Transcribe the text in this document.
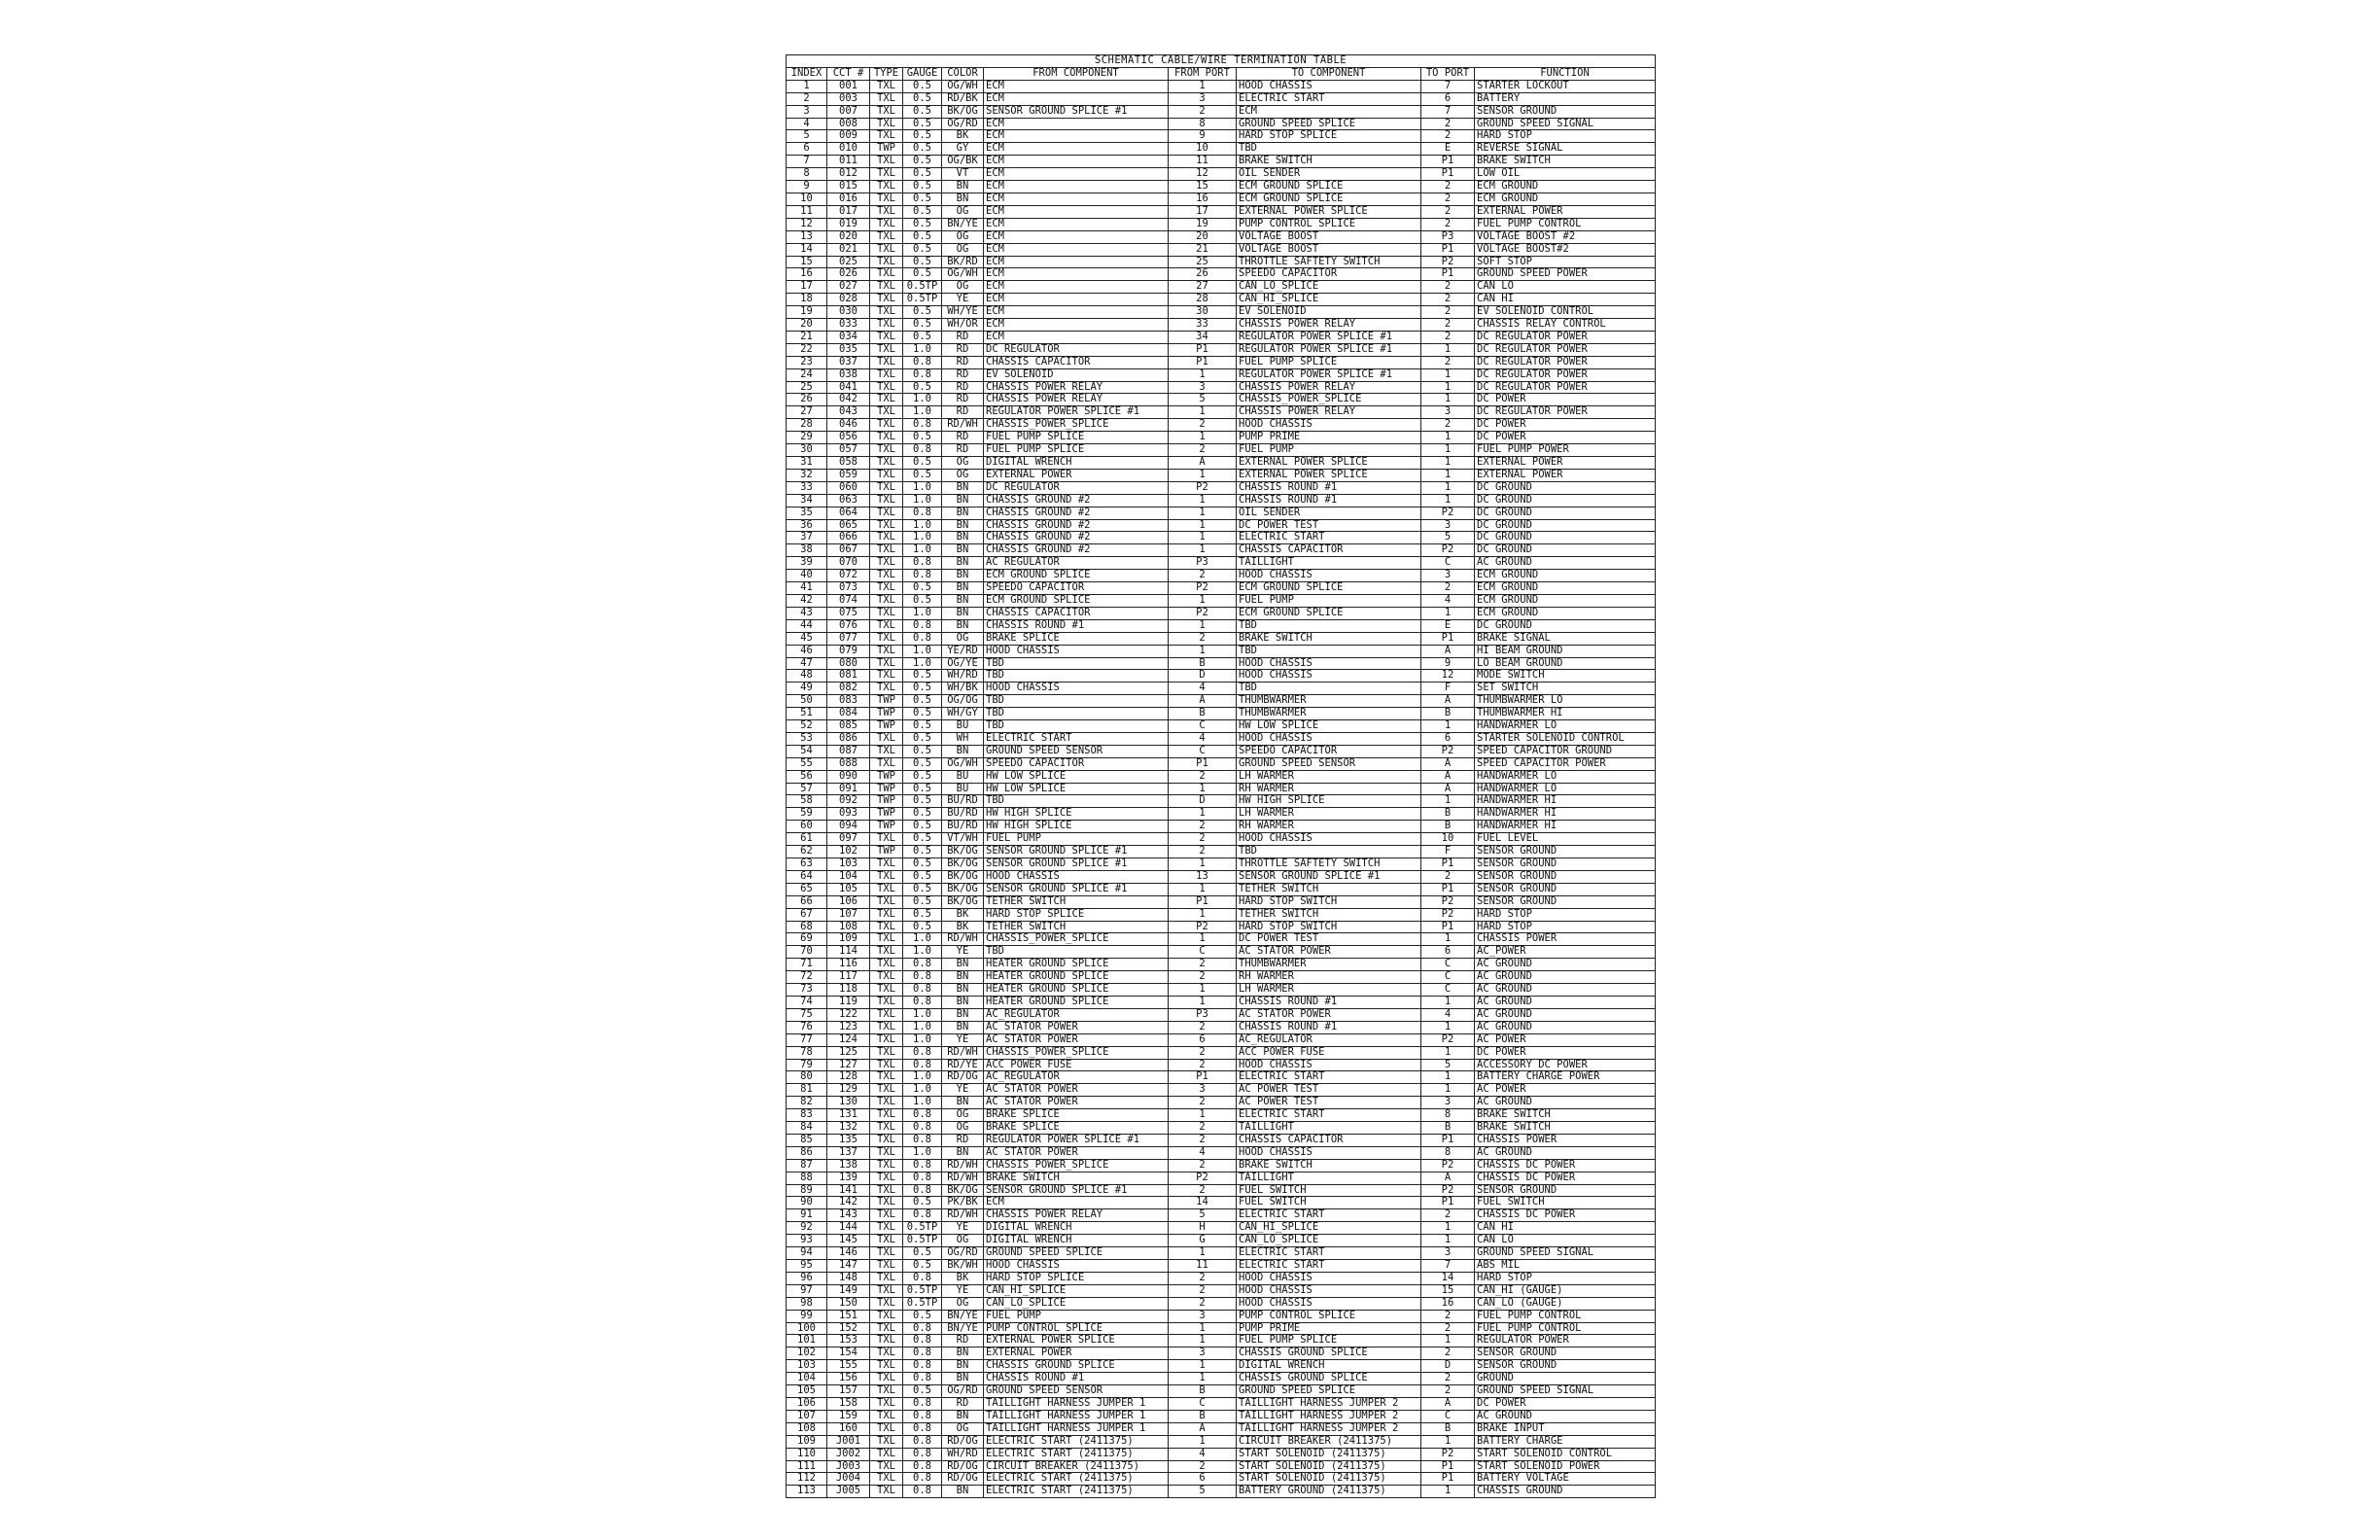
SCHEMATIC CABLE/WIRE TERMINATION TABLE									
INDEX	CCT #	TYPE	GAUGE	COLOR	FROM COMPONENT	FROM PORT	TO COMPONENT	TO PORT	FUNCTION
1	001	TXL	0.5	OG/WH	ECM	1	HOOD CHASSIS	7	STARTER LOCKOUT
2	003	TXL	0.5	RD/BK	ECM	3	ELECTRIC START	6	BATTERY
3	007	TXL	0.5	BK/OG	SENSOR GROUND SPLICE #1	2	ECM	7	SENSOR GROUND
4	008	TXL	0.5	OG/RD	ECM	8	GROUND SPEED SPLICE	2	GROUND SPEED SIGNAL
5	009	TXL	0.5	BK	ECM	9	HARD STOP SPLICE	2	HARD STOP
6	010	TWP	0.5	GY	ECM	10	TBD	E	REVERSE SIGNAL
7	011	TXL	0.5	OG/BK	ECM	11	BRAKE SWITCH	P1	BRAKE SWITCH
8	012	TXL	0.5	VT	ECM	12	OIL SENDER	P1	LOW OIL
9	015	TXL	0.5	BN	ECM	15	ECM GROUND SPLICE	2	ECM GROUND
10	016	TXL	0.5	BN	ECM	16	ECM GROUND SPLICE	2	ECM GROUND
11	017	TXL	0.5	OG	ECM	17	EXTERNAL POWER SPLICE	2	EXTERNAL POWER
12	019	TXL	0.5	BN/YE	ECM	19	PUMP CONTROL SPLICE	2	FUEL PUMP CONTROL
13	020	TXL	0.5	OG	ECM	20	VOLTAGE BOOST	P3	VOLTAGE BOOST #2
14	021	TXL	0.5	OG	ECM	21	VOLTAGE BOOST	P1	VOLTAGE BOOST#2
15	025	TXL	0.5	BK/RD	ECM	25	THROTTLE SAFTETY SWITCH	P2	SOFT STOP
16	026	TXL	0.5	OG/WH	ECM	26	SPEEDO CAPACITOR	P1	GROUND SPEED POWER
17	027	TXL	0.5TP	OG	ECM	27	CAN_LO_SPLICE	2	CAN LO
18	028	TXL	0.5TP	YE	ECM	28	CAN_HI_SPLICE	2	CAN HI
19	030	TXL	0.5	WH/YE	ECM	30	EV SOLENOID	2	EV SOLENOID CONTROL
20	033	TXL	0.5	WH/OR	ECM	33	CHASSIS POWER RELAY	2	CHASSIS RELAY CONTROL
21	034	TXL	0.5	RD	ECM	34	REGULATOR POWER SPLICE #1	2	DC REGULATOR POWER
22	035	TXL	1.0	RD	DC REGULATOR	P1	REGULATOR POWER SPLICE #1	1	DC REGULATOR POWER
23	037	TXL	0.8	RD	CHASSIS CAPACITOR	P1	FUEL PUMP SPLICE	2	DC REGULATOR POWER
24	038	TXL	0.8	RD	EV SOLENOID	1	REGULATOR POWER SPLICE #1	1	DC REGULATOR POWER
25	041	TXL	0.5	RD	CHASSIS POWER RELAY	3	CHASSIS POWER RELAY	1	DC REGULATOR POWER
26	042	TXL	1.0	RD	CHASSIS POWER RELAY	5	CHASSIS_POWER_SPLICE	1	DC POWER
27	043	TXL	1.0	RD	REGULATOR POWER SPLICE #1	1	CHASSIS POWER RELAY	3	DC REGULATOR POWER
28	046	TXL	0.8	RD/WH	CHASSIS_POWER_SPLICE	2	HOOD CHASSIS	2	DC POWER
29	056	TXL	0.5	RD	FUEL PUMP SPLICE	1	PUMP PRIME	1	DC POWER
30	057	TXL	0.8	RD	FUEL PUMP SPLICE	2	FUEL PUMP	1	FUEL PUMP POWER
31	058	TXL	0.5	OG	DIGITAL WRENCH	A	EXTERNAL POWER SPLICE	1	EXTERNAL POWER
32	059	TXL	0.5	OG	EXTERNAL POWER	1	EXTERNAL POWER SPLICE	1	EXTERNAL POWER
33	060	TXL	1.0	BN	DC REGULATOR	P2	CHASSIS ROUND #1	1	DC GROUND
34	063	TXL	1.0	BN	CHASSIS GROUND #2	1	CHASSIS ROUND #1	1	DC GROUND
35	064	TXL	0.8	BN	CHASSIS GROUND #2	1	OIL SENDER	P2	DC GROUND
36	065	TXL	1.0	BN	CHASSIS GROUND #2	1	DC POWER TEST	3	DC GROUND
37	066	TXL	1.0	BN	CHASSIS GROUND #2	1	ELECTRIC START	5	DC GROUND
38	067	TXL	1.0	BN	CHASSIS GROUND #2	1	CHASSIS CAPACITOR	P2	DC GROUND
39	070	TXL	0.8	BN	AC REGULATOR	P3	TAILLIGHT	C	AC GROUND
40	072	TXL	0.8	BN	ECM GROUND SPLICE	2	HOOD CHASSIS	3	ECM GROUND
41	073	TXL	0.5	BN	SPEEDO CAPACITOR	P2	ECM GROUND SPLICE	2	ECM GROUND
42	074	TXL	0.5	BN	ECM GROUND SPLICE	1	FUEL PUMP	4	ECM GROUND
43	075	TXL	1.0	BN	CHASSIS CAPACITOR	P2	ECM GROUND SPLICE	1	ECM GROUND
44	076	TXL	0.8	BN	CHASSIS ROUND #1	1	TBD	E	DC GROUND
45	077	TXL	0.8	OG	BRAKE SPLICE	2	BRAKE SWITCH	P1	BRAKE SIGNAL
46	079	TXL	1.0	YE/RD	HOOD CHASSIS	1	TBD	A	HI BEAM GROUND
47	080	TXL	1.0	OG/YE	TBD	B	HOOD CHASSIS	9	LO BEAM GROUND
48	081	TXL	0.5	WH/RD	TBD	D	HOOD CHASSIS	12	MODE SWITCH
49	082	TXL	0.5	WH/BK	HOOD CHASSIS	4	TBD	F	SET SWITCH
50	083	TWP	0.5	OG/OG	TBD	A	THUMBWARMER	A	THUMBWARMER LO
51	084	TWP	0.5	WH/GY	TBD	B	THUMBWARMER	B	THUMBWARMER HI
52	085	TWP	0.5	BU	TBD	C	HW LOW SPLICE	1	HANDWARMER LO
53	086	TXL	0.5	WH	ELECTRIC START	4	HOOD CHASSIS	6	STARTER SOLENOID CONTROL
54	087	TXL	0.5	BN	GROUND SPEED SENSOR	C	SPEEDO CAPACITOR	P2	SPEED CAPACITOR GROUND
55	088	TXL	0.5	OG/WH	SPEEDO CAPACITOR	P1	GROUND SPEED SENSOR	A	SPEED CAPACITOR POWER
56	090	TWP	0.5	BU	HW LOW SPLICE	2	LH WARMER	A	HANDWARMER LO
57	091	TWP	0.5	BU	HW LOW SPLICE	1	RH WARMER	A	HANDWARMER LO
58	092	TWP	0.5	BU/RD	TBD	D	HW HIGH SPLICE	1	HANDWARMER HI
59	093	TWP	0.5	BU/RD	HW HIGH SPLICE	1	LH WARMER	B	HANDWARMER HI
60	094	TWP	0.5	BU/RD	HW HIGH SPLICE	2	RH WARMER	B	HANDWARMER HI
61	097	TXL	0.5	VT/WH	FUEL PUMP	2	HOOD CHASSIS	10	FUEL LEVEL
62	102	TWP	0.5	BK/OG	SENSOR GROUND SPLICE #1	2	TBD	F	SENSOR GROUND
63	103	TXL	0.5	BK/OG	SENSOR GROUND SPLICE #1	1	THROTTLE SAFTETY SWITCH	P1	SENSOR GROUND
64	104	TXL	0.5	BK/OG	HOOD CHASSIS	13	SENSOR GROUND SPLICE #1	2	SENSOR GROUND
65	105	TXL	0.5	BK/OG	SENSOR GROUND SPLICE #1	1	TETHER SWITCH	P1	SENSOR GROUND
66	106	TXL	0.5	BK/OG	TETHER SWITCH	P1	HARD STOP SWITCH	P2	SENSOR GROUND
67	107	TXL	0.5	BK	HARD STOP SPLICE	1	TETHER SWITCH	P2	HARD STOP
68	108	TXL	0.5	BK	TETHER SWITCH	P2	HARD STOP SWITCH	P1	HARD STOP
69	109	TXL	1.0	RD/WH	CHASSIS_POWER_SPLICE	1	DC POWER TEST	1	CHASSIS POWER
70	114	TXL	1.0	YE	TBD	C	AC STATOR POWER	6	AC_POWER
71	116	TXL	0.8	BN	HEATER GROUND SPLICE	2	THUMBWARMER	C	AC GROUND
72	117	TXL	0.8	BN	HEATER GROUND SPLICE	2	RH WARMER	C	AC GROUND
73	118	TXL	0.8	BN	HEATER GROUND SPLICE	1	LH WARMER	C	AC GROUND
74	119	TXL	0.8	BN	HEATER GROUND SPLICE	1	CHASSIS ROUND #1	1	AC GROUND
75	122	TXL	1.0	BN	AC_REGULATOR	P3	AC STATOR POWER	4	AC GROUND
76	123	TXL	1.0	BN	AC STATOR POWER	2	CHASSIS ROUND #1	1	AC GROUND
77	124	TXL	1.0	YE	AC STATOR POWER	6	AC_REGULATOR	P2	AC POWER
78	125	TXL	0.8	RD/WH	CHASSIS_POWER_SPLICE	2	ACC POWER FUSE	1	DC POWER
79	127	TXL	0.8	RD/YE	ACC POWER FUSE	2	HOOD CHASSIS	5	ACCESSORY DC POWER
80	128	TXL	1.0	RD/OG	AC_REGULATOR	P1	ELECTRIC START	1	BATTERY CHARGE POWER
81	129	TXL	1.0	YE	AC STATOR POWER	3	AC POWER TEST	1	AC POWER
82	130	TXL	1.0	BN	AC STATOR POWER	2	AC POWER TEST	3	AC GROUND
83	131	TXL	0.8	OG	BRAKE SPLICE	1	ELECTRIC START	8	BRAKE SWITCH
84	132	TXL	0.8	OG	BRAKE SPLICE	2	TAILLIGHT	B	BRAKE SWITCH
85	135	TXL	0.8	RD	REGULATOR POWER SPLICE #1	2	CHASSIS CAPACITOR	P1	CHASSIS POWER
86	137	TXL	1.0	BN	AC STATOR POWER	4	HOOD CHASSIS	8	AC GROUND
87	138	TXL	0.8	RD/WH	CHASSIS_POWER_SPLICE	2	BRAKE SWITCH	P2	CHASSIS DC POWER
88	139	TXL	0.8	RD/WH	BRAKE SWITCH	P2	TAILLIGHT	A	CHASSIS DC POWER
89	141	TXL	0.8	BK/OG	SENSOR GROUND SPLICE #1	2	FUEL SWITCH	P2	SENSOR GROUND
90	142	TXL	0.5	PK/BK	ECM	14	FUEL SWITCH	P1	FUEL SWITCH
91	143	TXL	0.8	RD/WH	CHASSIS POWER RELAY	5	ELECTRIC START	2	CHASSIS DC POWER
92	144	TXL	0.5TP	YE	DIGITAL WRENCH	H	CAN_HI_SPLICE	1	CAN HI
93	145	TXL	0.5TP	OG	DIGITAL WRENCH	G	CAN_LO_SPLICE	1	CAN LO
94	146	TXL	0.5	OG/RD	GROUND SPEED SPLICE	1	ELECTRIC START	3	GROUND SPEED SIGNAL
95	147	TXL	0.5	BK/WH	HOOD CHASSIS	11	ELECTRIC START	7	ABS MIL
96	148	TXL	0.8	BK	HARD STOP SPLICE	2	HOOD CHASSIS	14	HARD STOP
97	149	TXL	0.5TP	YE	CAN_HI_SPLICE	2	HOOD CHASSIS	15	CAN_HI (GAUGE)
98	150	TXL	0.5TP	OG	CAN_LO_SPLICE	2	HOOD CHASSIS	16	CAN_LO (GAUGE)
99	151	TXL	0.5	BN/YE	FUEL PUMP	3	PUMP CONTROL SPLICE	2	FUEL PUMP CONTROL
100	152	TXL	0.8	BN/YE	PUMP CONTROL SPLICE	1	PUMP PRIME	2	FUEL PUMP CONTROL
101	153	TXL	0.8	RD	EXTERNAL POWER SPLICE	1	FUEL PUMP SPLICE	1	REGULATOR POWER
102	154	TXL	0.8	BN	EXTERNAL POWER	3	CHASSIS GROUND SPLICE	2	SENSOR GROUND
103	155	TXL	0.8	BN	CHASSIS GROUND SPLICE	1	DIGITAL WRENCH	D	SENSOR GROUND
104	156	TXL	0.8	BN	CHASSIS ROUND #1	1	CHASSIS GROUND SPLICE	2	GROUND
105	157	TXL	0.5	OG/RD	GROUND SPEED SENSOR	B	GROUND SPEED SPLICE	2	GROUND SPEED SIGNAL
106	158	TXL	0.8	RD	TAILLIGHT HARNESS JUMPER 1	C	TAILLIGHT HARNESS JUMPER 2	A	DC POWER
107	159	TXL	0.8	BN	TAILLIGHT HARNESS JUMPER 1	B	TAILLIGHT HARNESS JUMPER 2	C	AC GROUND
108	160	TXL	0.8	OG	TAILLIGHT HARNESS JUMPER 1	A	TAILLIGHT HARNESS JUMPER 2	B	BRAKE INPUT
109	J001	TXL	0.8	RD/OG	ELECTRIC START (2411375)	1	CIRCUIT BREAKER (2411375)	1	BATTERY CHARGE
110	J002	TXL	0.8	WH/RD	ELECTRIC START (2411375)	4	START SOLENOID (2411375)	P2	START SOLENOID CONTROL
111	J003	TXL	0.8	RD/OG	CIRCUIT BREAKER (2411375)	2	START SOLENOID (2411375)	P1	START SOLENOID POWER
112	J004	TXL	0.8	RD/OG	ELECTRIC START (2411375)	6	START SOLENOID (2411375)	P1	BATTERY VOLTAGE
113	J005	TXL	0.8	BN	ELECTRIC START (2411375)	5	BATTERY GROUND (2411375)	1	CHASSIS GROUND
